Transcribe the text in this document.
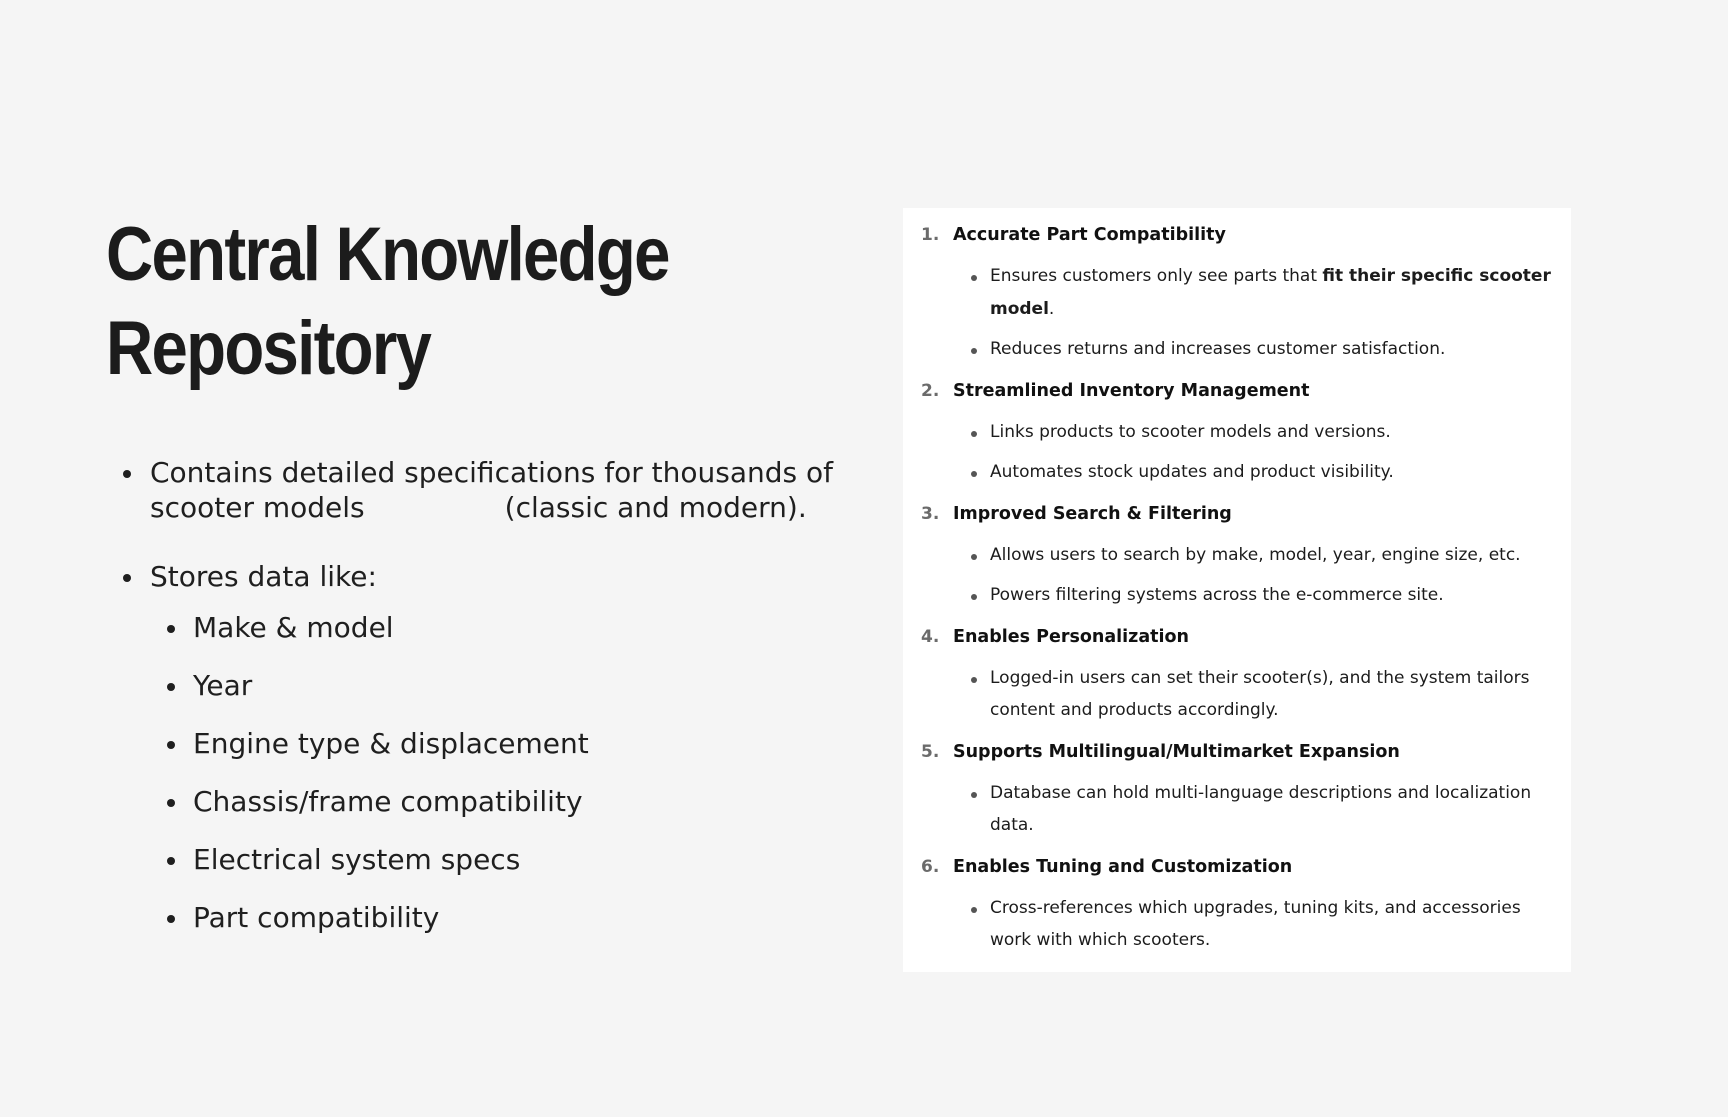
Central Knowledge
Repository
Contains detailed specifications for thousands of scooter models	(classic and modern).
Stores data like:
Make & model
Year
Engine type & displacement
Chassis/frame compatibility
Electrical system specs
Part compatibility
1. Accurate Part Compatibility
Ensures customers only see parts that fit their specific scooter model.
Reduces returns and increases customer satisfaction.
2. Streamlined Inventory Management
Links products to scooter models and versions.
Automates stock updates and product visibility.
3. Improved Search & Filtering
Allows users to search by make, model, year, engine size, etc.
Powers filtering systems across the e-commerce site.
4. Enables Personalization
Logged-in users can set their scooter(s), and the system tailors content and products accordingly.
5. Supports Multilingual/Multimarket Expansion
Database can hold multi-language descriptions and localization data.
6. Enables Tuning and Customization
Cross-references which upgrades, tuning kits, and accessories work with which scooters.
